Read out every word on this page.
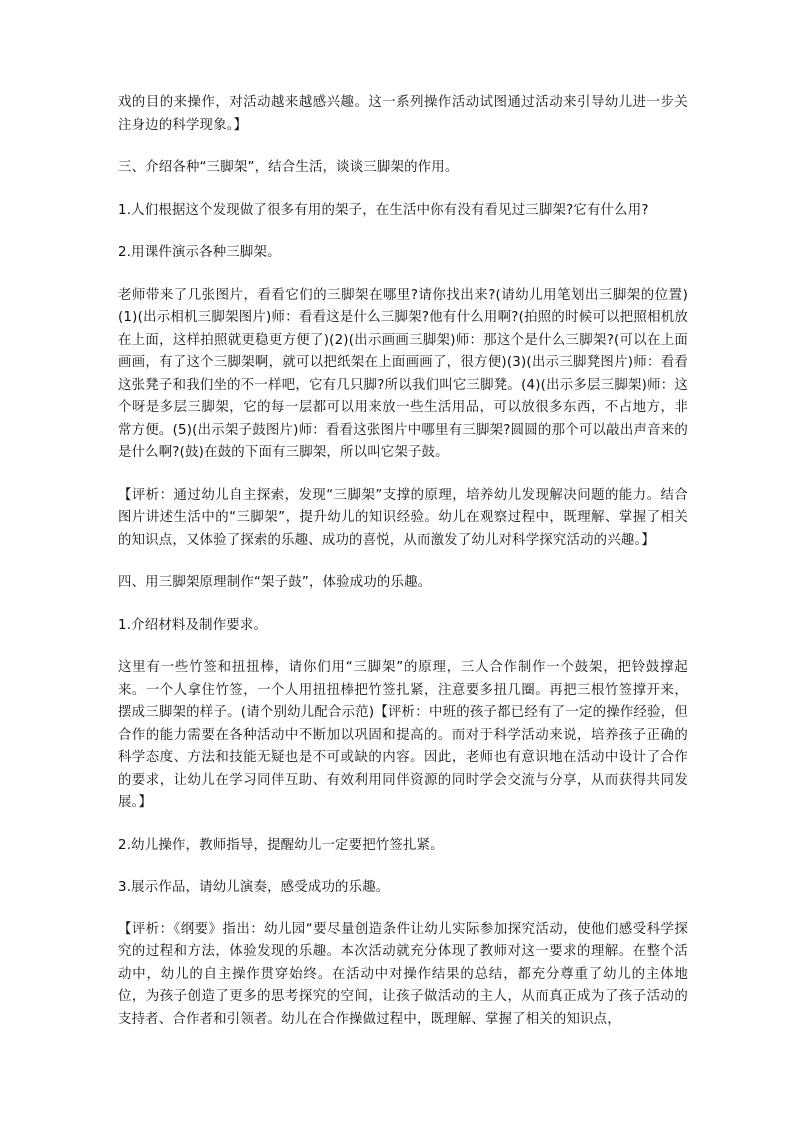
戏的目的来操作，对活动越来越感兴趣。这一系列操作活动试图通过活动来引导幼儿进一步关注身边的科学现象。】

三、介绍各种“三脚架”，结合生活，谈谈三脚架的作用。

1.人们根据这个发现做了很多有用的架子，在生活中你有没有看见过三脚架?它有什么用?

2.用课件演示各种三脚架。

老师带来了几张图片，看看它们的三脚架在哪里?请你找出来?(请幼儿用笔划出三脚架的位置)(1)(出示相机三脚架图片)师：看看这是什么三脚架?他有什么用啊?(拍照的时候可以把照相机放在上面，这样拍照就更稳更方便了)(2)(出示画画三脚架)师：那这个是什么三脚架?(可以在上面画画，有了这个三脚架啊，就可以把纸架在上面画画了，很方便)(3)(出示三脚凳图片)师：看看这张凳子和我们坐的不一样吧，它有几只脚?所以我们叫它三脚凳。(4)(出示多层三脚架)师：这个呀是多层三脚架，它的每一层都可以用来放一些生活用品，可以放很多东西，不占地方，非常方便。(5)(出示架子鼓图片)师：看看这张图片中哪里有三脚架?圆圆的那个可以敲出声音来的是什么啊?(鼓)在鼓的下面有三脚架，所以叫它架子鼓。

【评析：通过幼儿自主探索，发现“三脚架”支撑的原理，培养幼儿发现解决问题的能力。结合图片讲述生活中的“三脚架”，提升幼儿的知识经验。幼儿在观察过程中，既理解、掌握了相关的知识点，又体验了探索的乐趣、成功的喜悦，从而激发了幼儿对科学探究活动的兴趣。】

四、用三脚架原理制作“架子鼓”，体验成功的乐趣。

1.介绍材料及制作要求。

这里有一些竹签和扭扭棒，请你们用“三脚架”的原理，三人合作制作一个鼓架，把铃鼓撑起来。一个人拿住竹签，一个人用扭扭棒把竹签扎紧，注意要多扭几圈。再把三根竹签撑开来，摆成三脚架的样子。(请个别幼儿配合示范)【评析：中班的孩子都已经有了一定的操作经验，但合作的能力需要在各种活动中不断加以巩固和提高的。而对于科学活动来说，培养孩子正确的科学态度、方法和技能无疑也是不可或缺的内容。因此，老师也有意识地在活动中设计了合作的要求，让幼儿在学习同伴互助、有效利用同伴资源的同时学会交流与分享，从而获得共同发展。】

2.幼儿操作，教师指导，提醒幼儿一定要把竹签扎紧。

3.展示作品，请幼儿演奏，感受成功的乐趣。

【评析：《纲要》指出：幼儿园“要尽量创造条件让幼儿实际参加探究活动，使他们感受科学探究的过程和方法，体验发现的乐趣。本次活动就充分体现了教师对这一要求的理解。在整个活动中，幼儿的自主操作贯穿始终。在活动中对操作结果的总结，都充分尊重了幼儿的主体地位，为孩子创造了更多的思考探究的空间，让孩子做活动的主人，从而真正成为了孩子活动的支持者、合作者和引领者。幼儿在合作操做过程中，既理解、掌握了相关的知识点，
